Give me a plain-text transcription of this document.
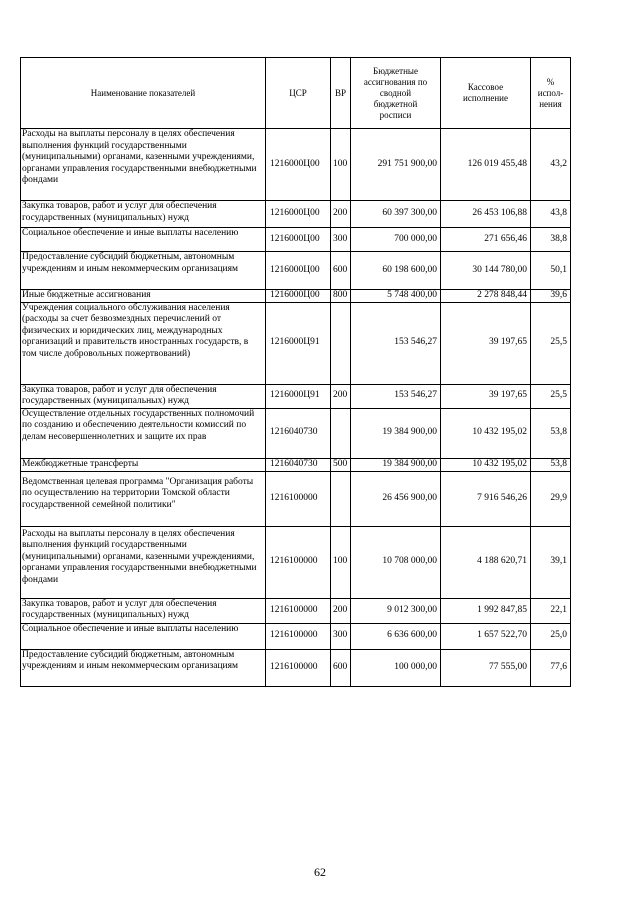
Наименование показателей	ЦСР	ВР	Бюджетные
ассигнования по
сводной
бюджетной
росписи	Кассовое
исполнение	% испол-
нения

Расходы на выплаты персоналу в целях обеспечения выполнения функций государственными (муниципальными) органами, казенными учреждениями, органами управления государственными внебюджетными фондами	1216000Ц00	100	291 751 900,00	126 019 455,48	43,2
Закупка товаров, работ и услуг для обеспечения государственных (муниципальных) нужд	1216000Ц00	200	60 397 300,00	26 453 106,88	43,8
Социальное обеспечение и иные выплаты населению	1216000Ц00	300	700 000,00	271 656,46	38,8
Предоставление субсидий бюджетным, автономным учреждениям и иным некоммерческим организациям	1216000Ц00	600	60 198 600,00	30 144 780,00	50,1
Иные бюджетные ассигнования	1216000Ц00	800	5 748 400,00	2 278 848,44	39,6
Учреждения социального обслуживания населения (расходы за счет безвозмездных перечислений от физических и юридических лиц, международных организаций и правительств иностранных государств, в том числе добровольных пожертвований)	1216000Ц91		153 546,27	39 197,65	25,5
Закупка товаров, работ и услуг для обеспечения государственных (муниципальных) нужд	1216000Ц91	200	153 546,27	39 197,65	25,5
Осуществление отдельных государственных полномочий по созданию и обеспечению деятельности комиссий по делам несовершеннолетних и защите их прав	1216040730		19 384 900,00	10 432 195,02	53,8
Межбюджетные трансферты	1216040730	500	19 384 900,00	10 432 195,02	53,8
Ведомственная целевая программа "Организация работы по осуществлению на территории Томской области государственной семейной политики"	1216100000		26 456 900,00	7 916 546,26	29,9
Расходы на выплаты персоналу в целях обеспечения выполнения функций государственными (муниципальными) органами, казенными учреждениями, органами управления государственными внебюджетными фондами	1216100000	100	10 708 000,00	4 188 620,71	39,1
Закупка товаров, работ и услуг для обеспечения государственных (муниципальных) нужд	1216100000	200	9 012 300,00	1 992 847,85	22,1
Социальное обеспечение и иные выплаты населению	1216100000	300	6 636 600,00	1 657 522,70	25,0
Предоставление субсидий бюджетным, автономным учреждениям и иным некоммерческим организациям	1216100000	600	100 000,00	77 555,00	77,6
62
